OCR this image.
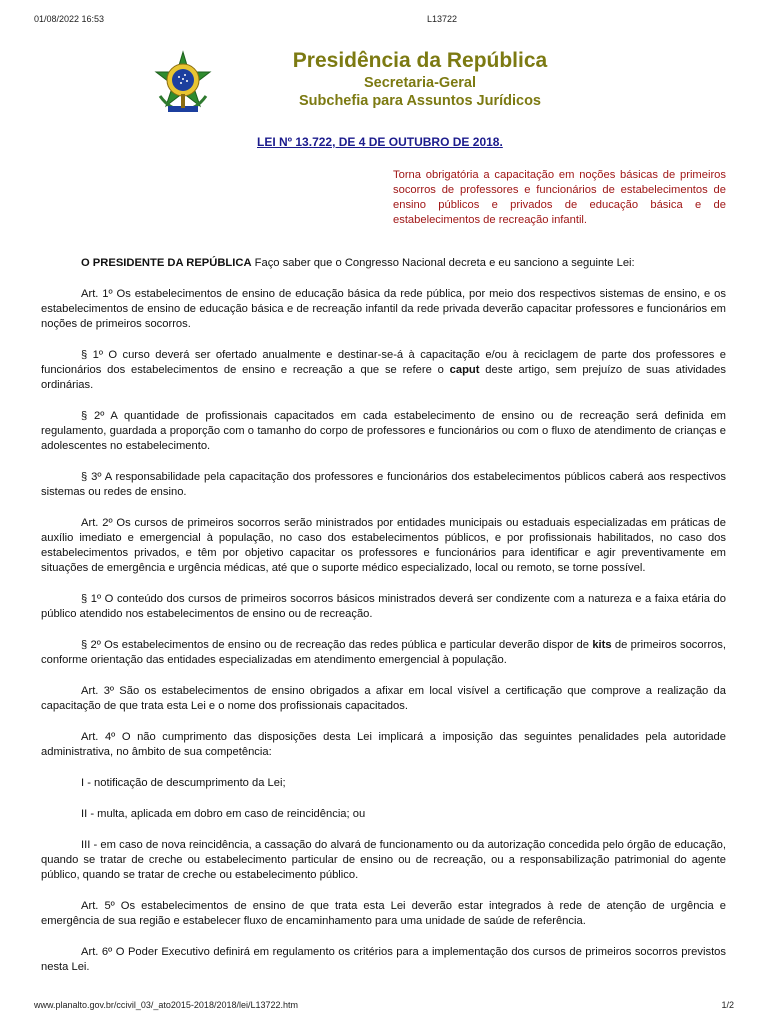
01/08/2022 16:53	L13722
Presidência da República
Secretaria-Geral
Subchefia para Assuntos Jurídicos
LEI Nº 13.722, DE 4 DE OUTUBRO DE 2018.
Torna obrigatória a capacitação em noções básicas de primeiros socorros de professores e funcionários de estabelecimentos de ensino públicos e privados de educação básica e de estabelecimentos de recreação infantil.

O PRESIDENTE DA REPÚBLICA Faço saber que o Congresso Nacional decreta e eu sanciono a seguinte Lei:

Art. 1º Os estabelecimentos de ensino de educação básica da rede pública, por meio dos respectivos sistemas de ensino, e os estabelecimentos de ensino de educação básica e de recreação infantil da rede privada deverão capacitar professores e funcionários em noções de primeiros socorros.

§ 1º O curso deverá ser ofertado anualmente e destinar-se-á à capacitação e/ou à reciclagem de parte dos professores e funcionários dos estabelecimentos de ensino e recreação a que se refere o caput deste artigo, sem prejuízo de suas atividades ordinárias.

§ 2º A quantidade de profissionais capacitados em cada estabelecimento de ensino ou de recreação será definida em regulamento, guardada a proporção com o tamanho do corpo de professores e funcionários ou com o fluxo de atendimento de crianças e adolescentes no estabelecimento.

§ 3º A responsabilidade pela capacitação dos professores e funcionários dos estabelecimentos públicos caberá aos respectivos sistemas ou redes de ensino.

Art. 2º Os cursos de primeiros socorros serão ministrados por entidades municipais ou estaduais especializadas em práticas de auxílio imediato e emergencial à população, no caso dos estabelecimentos públicos, e por profissionais habilitados, no caso dos estabelecimentos privados, e têm por objetivo capacitar os professores e funcionários para identificar e agir preventivamente em situações de emergência e urgência médicas, até que o suporte médico especializado, local ou remoto, se torne possível.

§ 1º O conteúdo dos cursos de primeiros socorros básicos ministrados deverá ser condizente com a natureza e a faixa etária do público atendido nos estabelecimentos de ensino ou de recreação.

§ 2º Os estabelecimentos de ensino ou de recreação das redes pública e particular deverão dispor de kits de primeiros socorros, conforme orientação das entidades especializadas em atendimento emergencial à população.

Art. 3º São os estabelecimentos de ensino obrigados a afixar em local visível a certificação que comprove a realização da capacitação de que trata esta Lei e o nome dos profissionais capacitados.

Art. 4º O não cumprimento das disposições desta Lei implicará a imposição das seguintes penalidades pela autoridade administrativa, no âmbito de sua competência:

I - notificação de descumprimento da Lei;

II - multa, aplicada em dobro em caso de reincidência; ou

III - em caso de nova reincidência, a cassação do alvará de funcionamento ou da autorização concedida pelo órgão de educação, quando se tratar de creche ou estabelecimento particular de ensino ou de recreação, ou a responsabilização patrimonial do agente público, quando se tratar de creche ou estabelecimento público.

Art. 5º Os estabelecimentos de ensino de que trata esta Lei deverão estar integrados à rede de atenção de urgência e emergência de sua região e estabelecer fluxo de encaminhamento para uma unidade de saúde de referência.

Art. 6º O Poder Executivo definirá em regulamento os critérios para a implementação dos cursos de primeiros socorros previstos nesta Lei.

www.planalto.gov.br/ccivil_03/_ato2015-2018/2018/lei/L13722.htm	1/2
